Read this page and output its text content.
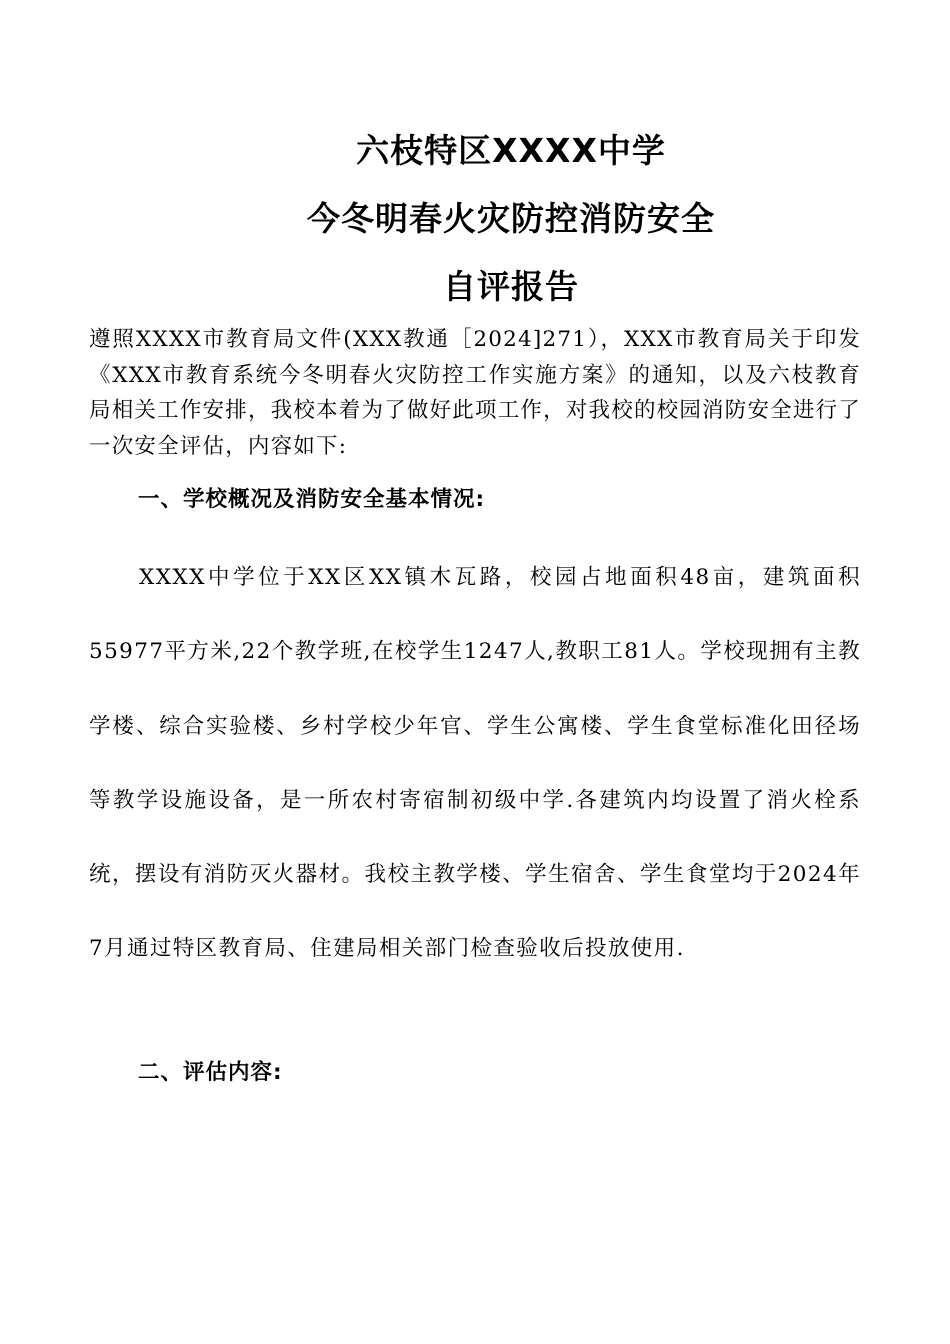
六枝特区XXXX中学
今冬明春火灾防控消防安全
自评报告
遵照XXXX市教育局文件(XXX教通［2024]271），XXX市教育局关于印发《XXX市教育系统今冬明春火灾防控工作实施方案》的通知，以及六枝教育局相关工作安排，我校本着为了做好此项工作，对我校的校园消防安全进行了一次安全评估，内容如下:
一、学校概况及消防安全基本情况:
XXXX中学位于XX区XX镇木瓦路，校园占地面积48亩，建筑面积55977平方米,22个教学班,在校学生1247人,教职工81人。学校现拥有主教学楼、综合实验楼、乡村学校少年官、学生公寓楼、学生食堂标准化田径场等教学设施设备，是一所农村寄宿制初级中学.各建筑内均设置了消火栓系统，摆设有消防灭火器材。我校主教学楼、学生宿舍、学生食堂均于2024年7月通过特区教育局、住建局相关部门检查验收后投放使用.
二、评估内容:
